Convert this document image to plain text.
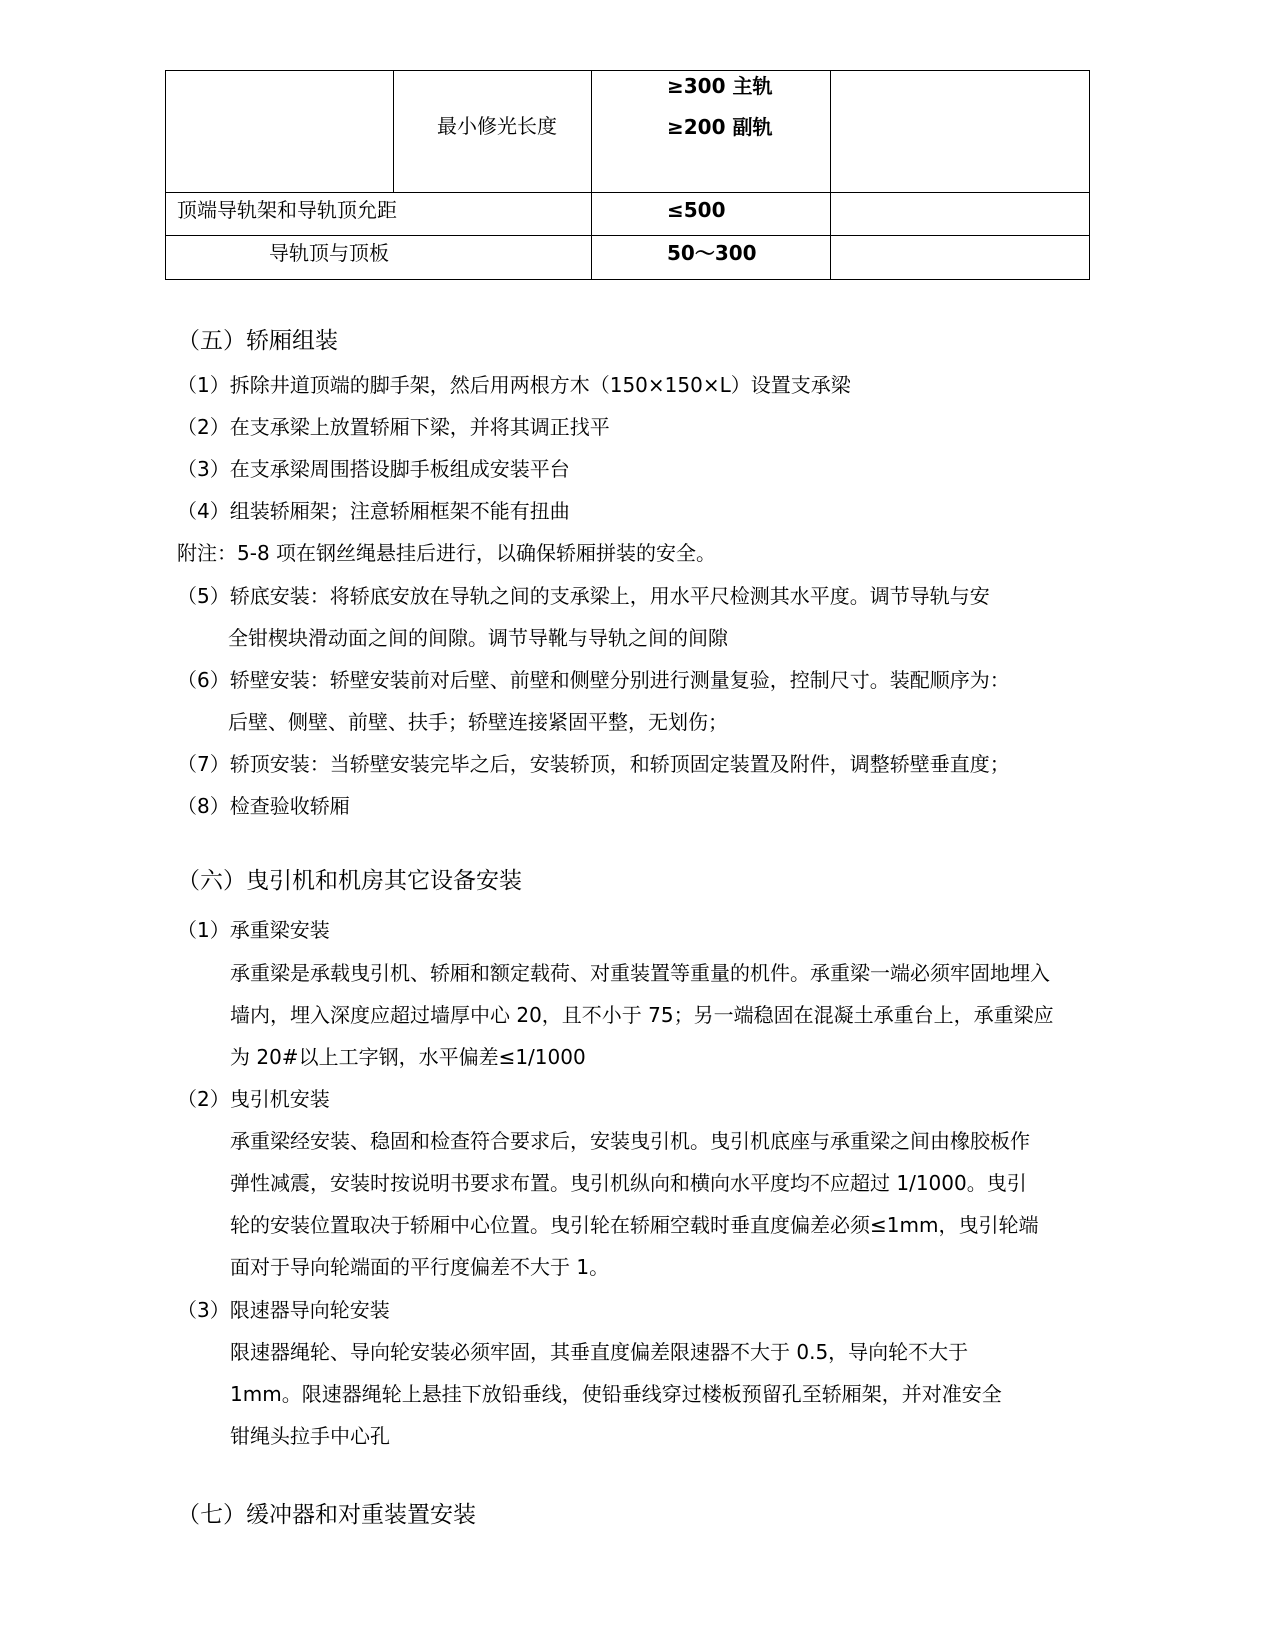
最小修光长度
≥300 主轨
≥200 副轨
顶端导轨架和导轨顶允距	≤500
导轨顶与顶板	50～300
（五）轿厢组装
（1）拆除井道顶端的脚手架，然后用两根方木（150×150×L）设置支承梁
（2）在支承梁上放置轿厢下梁，并将其调正找平
（3）在支承梁周围搭设脚手板组成安装平台
（4）组装轿厢架；注意轿厢框架不能有扭曲
附注：5-8 项在钢丝绳悬挂后进行，以确保轿厢拼装的安全。
（5）轿底安装：将轿底安放在导轨之间的支承梁上，用水平尺检测其水平度。调节导轨与安
全钳楔块滑动面之间的间隙。调节导靴与导轨之间的间隙
（6）轿壁安装：轿壁安装前对后壁、前壁和侧壁分别进行测量复验，控制尺寸。装配顺序为：
后壁、侧壁、前壁、扶手；轿壁连接紧固平整，无划伤；
（7）轿顶安装：当轿壁安装完毕之后，安装轿顶，和轿顶固定装置及附件，调整轿壁垂直度；
（8）检查验收轿厢
（六）曳引机和机房其它设备安装
（1）承重梁安装
承重梁是承载曳引机、轿厢和额定载荷、对重装置等重量的机件。承重梁一端必须牢固地埋入
墙内，埋入深度应超过墙厚中心 20，且不小于 75；另一端稳固在混凝土承重台上，承重梁应
为 20#以上工字钢，水平偏差≤1/1000
（2）曳引机安装
承重梁经安装、稳固和检查符合要求后，安装曳引机。曳引机底座与承重梁之间由橡胶板作
弹性减震，安装时按说明书要求布置。曳引机纵向和横向水平度均不应超过 1/1000。曳引
轮的安装位置取决于轿厢中心位置。曳引轮在轿厢空载时垂直度偏差必须≤1mm，曳引轮端
面对于导向轮端面的平行度偏差不大于 1。
（3）限速器导向轮安装
限速器绳轮、导向轮安装必须牢固，其垂直度偏差限速器不大于 0.5，导向轮不大于
1mm。限速器绳轮上悬挂下放铅垂线，使铅垂线穿过楼板预留孔至轿厢架，并对准安全
钳绳头拉手中心孔
（七）缓冲器和对重装置安装
